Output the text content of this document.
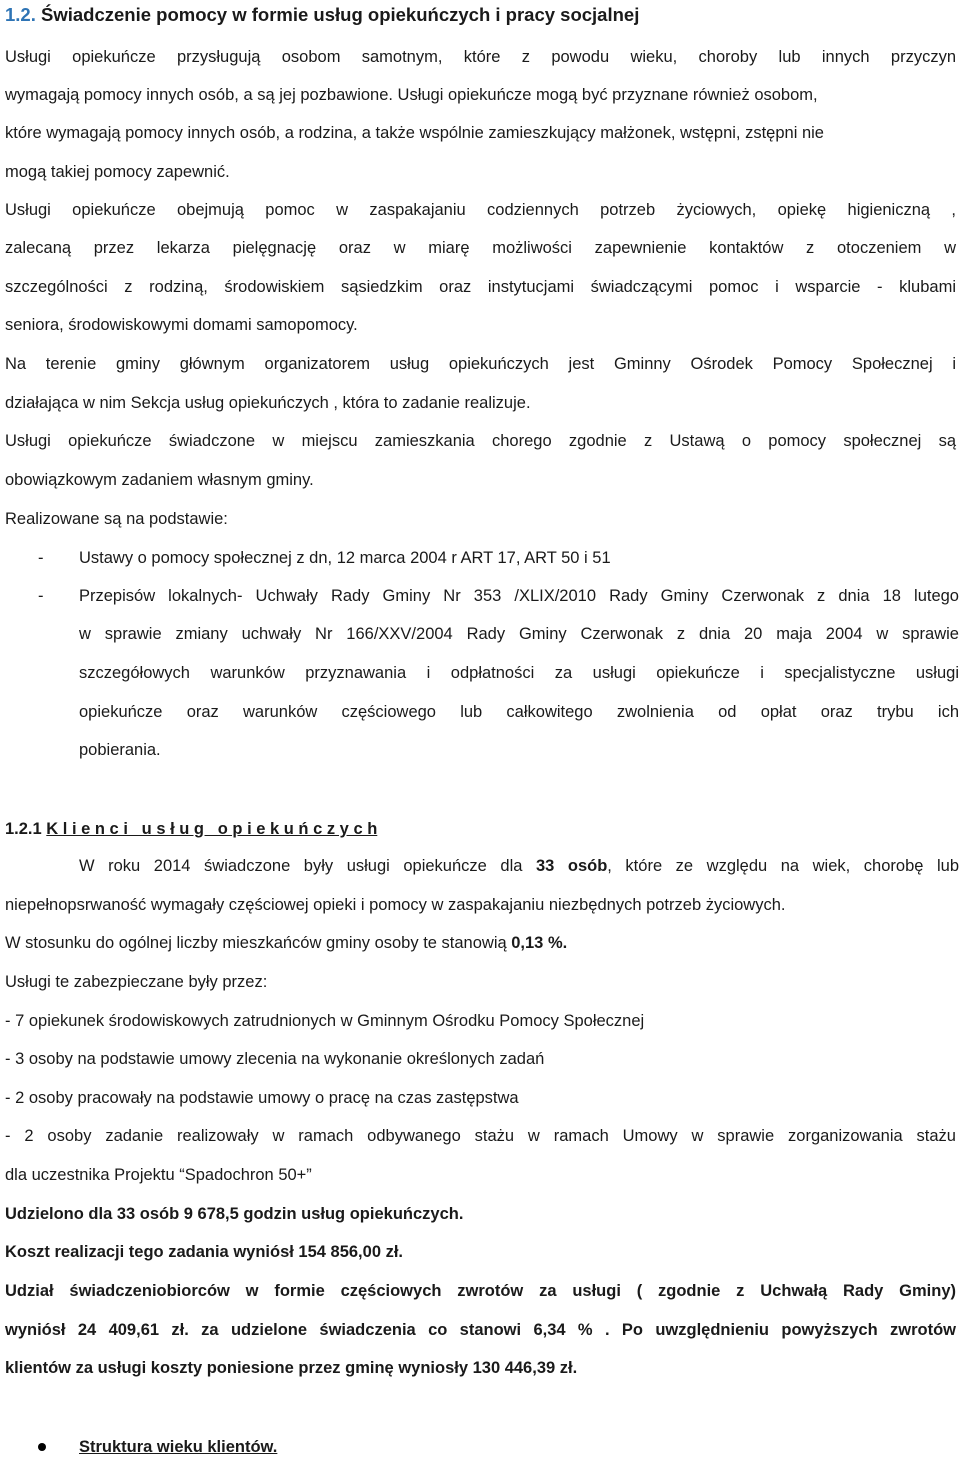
1.2. Świadczenie pomocy w formie usług opiekuńczych i pracy socjalnej
Usługi opiekuńcze przysługują osobom samotnym, które z powodu wieku, choroby lub innych przyczyn
wymagają pomocy innych osób, a są jej pozbawione. Usługi opiekuńcze mogą być przyznane również osobom,
które wymagają pomocy innych osób, a rodzina, a także wspólnie zamieszkujący małżonek, wstępni, zstępni nie
mogą takiej pomocy zapewnić.
Usługi opiekuńcze obejmują pomoc w zaspakajaniu codziennych potrzeb życiowych, opiekę higieniczną ,
zalecaną przez lekarza pielęgnację oraz w miarę możliwości zapewnienie kontaktów z otoczeniem w
szczególności z rodziną, środowiskiem sąsiedzkim oraz instytucjami świadczącymi pomoc i wsparcie - klubami
seniora, środowiskowymi domami samopomocy.
Na terenie gminy głównym organizatorem usług opiekuńczych jest Gminny Ośrodek Pomocy Społecznej i
działająca w nim Sekcja usług opiekuńczych , która to zadanie realizuje.
Usługi opiekuńcze świadczone w miejscu zamieszkania chorego zgodnie z Ustawą o pomocy społecznej są
obowiązkowym zadaniem własnym gminy.
Realizowane są na podstawie:
- Ustawy o pomocy społecznej z dn, 12 marca 2004 r ART 17, ART 50 i 51
- Przepisów lokalnych- Uchwały Rady Gminy Nr 353 /XLIX/2010 Rady Gminy Czerwonak z dnia 18 lutego
w sprawie zmiany uchwały Nr 166/XXV/2004 Rady Gminy Czerwonak z dnia 20 maja 2004 w sprawie
szczegółowych warunków przyznawania i odpłatności za usługi opiekuńcze i specjalistyczne usługi
opiekuńcze oraz warunków częściowego lub całkowitego zwolnienia od opłat oraz trybu ich
pobierania.
1.2.1 K l i e n c i   u s ł u g   o p i e k u ń c z y c h
W roku 2014 świadczone były usługi opiekuńcze dla 33 osób, które ze względu na wiek, chorobę lub
niepełnopsrwaność wymagały częściowej opieki i pomocy w zaspakajaniu niezbędnych potrzeb życiowych.
W stosunku do ogólnej liczby mieszkańców gminy osoby te stanowią 0,13 %.
Usługi te zabezpieczane były przez:
- 7 opiekunek środowiskowych zatrudnionych w Gminnym Ośrodku Pomocy Społecznej
- 3 osoby na podstawie umowy zlecenia na wykonanie określonych zadań
- 2 osoby pracowały na podstawie umowy o pracę na czas zastępstwa
- 2 osoby zadanie realizowały w ramach odbywanego stażu w ramach Umowy w sprawie zorganizowania stażu
dla uczestnika Projektu “Spadochron 50+”
Udzielono dla 33 osób 9 678,5 godzin usług opiekuńczych.
Koszt realizacji tego zadania wyniósł 154 856,00 zł.
Udział świadczeniobiorców w formie częściowych zwrotów za usługi ( zgodnie z Uchwałą Rady Gminy)
wyniósł 24 409,61 zł. za udzielone świadczenia co stanowi 6,34 % . Po uwzględnieniu powyższych zwrotów
klientów za usługi koszty poniesione przez gminę wyniosły 130 446,39 zł.
Struktura wieku klientów.
